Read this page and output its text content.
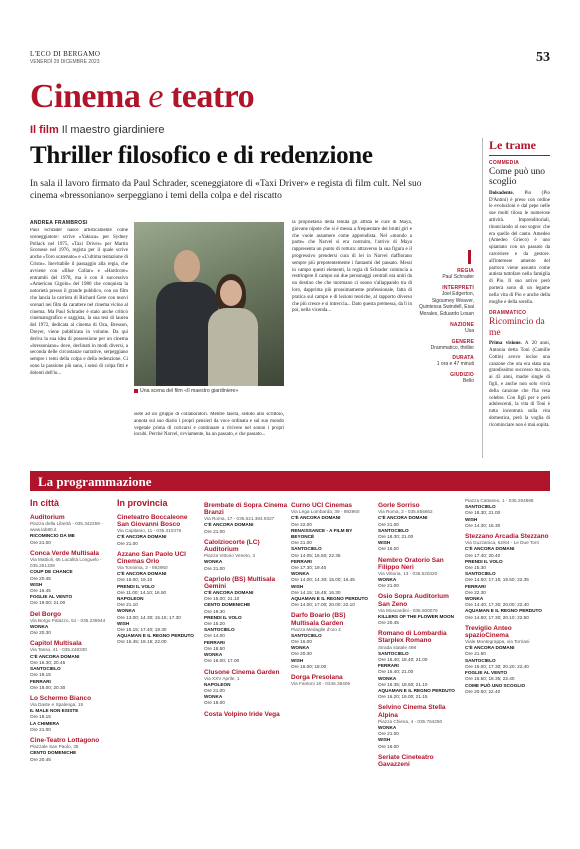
L'ECO DI BERGAMO
VENERDÌ 29 DICEMBRE 2023	53
Cinema e teatro
Il film Il maestro giardiniere
Thriller filosofico e di redenzione

In sala il lavoro firmato da Paul Schrader, sceneggiatore di «Taxi Driver» e regista di film cult. Nel suo cinema «bressoniano» serpeggiano i temi della colpa e del riscatto

ANDREA FRAMBROSI
Paul Schrader nasce artisticamente come sceneggiatore: scrive «Yakuza» per Sydney Pollack nel 1975, «Taxi Driver» per Martin Scorsese nel 1976, regista per il quale scrive anche «Toro scatenato» e «L'ultima tentazione di Cristo». Inevitabile il passaggio alla regia, che avviene con «Blue Collar» e «Hardcore» entrambi del 1978, ma è con il successivo «American Gigolo» del 1980 che conquista la notorietà presso il grande pubblico, con un film che lancia la carriera di Richard Gere con nuovi scenari nei film da carattere nel cinema vicino al cinema. Ma Paul Schrader è stato anche critico cinematografico e saggista, la sua tesi di laurea del 1972, dedicata al cinema di Ozu, Bresson, Dreyer, viene pubblicata in volume. Da qui deriva la sua idea di possessione per un cinema «bressoniano» dove, declinati in modi diversi, a seconda delle circostanze narrative, serpeggiano sempre i temi della colpa e della redenzione. Ci sono la passione più sana, i sensi di colpa fitti e dolenti dell'io...
Una scena del film «Il maestro giardiniere»
siete ad un gruppo di collaboratori. Mentre lasera, seduto allo scrittoio, annota sul suo diario i propri pensieri da voce ordinata e sul suo mondo vegetale prima di coricarsi e continuare a rivivere nel sonno i propri incubi. Perché Narvel, ovviamente, ha un passato, e che passato...
la proprietaria della tenuta gli affida le cure di Maya, giovane nipote che si è messa a frequentare dei brutti giri e che vuole assumere come apprendista. Nel «mondo a parte» che Narvel si era costruito, l'arrivo di Maya rappresenta un punto di rottura: attraverso la sua figura e il progressivo prendersi cura di lei in Narvel riaffiorano sempre più prepotentemente i fantasmi del passato. Messi in campo questi elementi, la regia di Schrader comincia a restringere il campo sui due personaggi centrali ora uniti da un destino che che mormano ci suono s'allappando tra di loro, dapprima più prossimamente professionale, fatta di pratica sul campo e di lezioni teoriche, al rapporto diverso che più cresce e si intreccia... Dato questa premessa, da lì in poi, nella vicenda...
REGIA
Paul Schrader
INTERPRETI
Joel Edgerton, Sigourney Weaver, Quintessa Swindell, Esai Morales, Eduardo Losan
NAZIONE
Usa
GENERE
Drammatico, thriller
DURATA
1 ora e 47 minuti
GIUDIZIO
Bello
Le trame
COMMEDIA
Come può uno scoglio

Dolsadente. Pio (Pio D'Antini) è preso con ordine le evoluzioni e dal pepe nelle sue molti tilosa le numerose attività. Imprenditoriali, rinunciando al suo sogno: che era quello del canto. Amedeo (Amedeo Grieco) è uno spiantato con un passato da carceriere e da gestore. all'interesse amento del parroco viene assunto come autista tuttofare nella famiglia di Pio. Il suo arrivo però porterà sono di un legame nella vita di Pio e anche della moglie e della sorella.

DRAMMATICO
Ricomincio da me

Prima visione. A 20 anni, Antonia detta Toni (Camille Cottin) avevo inciso una canzone che ora era stata una grandissimo successo ma ora, ai 43 anni, madre single di figli, e anche non solo vivrà della canzone che l'ha resa celebre. Con figli per e però adolescenti, la vita di Toni è tutta incentrata sulla vita domestica, però la voglia di ricominciare non è mai sopita.

La programmazione
In città
Auditorium
Piazza della Libertà - 035.342259 - www.lab80.it
RICOMINCIO DA ME
Ore 21.00
Conca Verde Multisala
Via Mattioli, 65 Località Longuelo - 035.251339
COUP DE CHANCE
Ore 20.45
WISH
Ore 16.45
FOGLIE AL VENTO
Ore 19.00; 21.00
Del Borgo
Via Borgo Palazzo, 51 - 035.236944
WONKA
Ore 20.30
Capitol Multisala
Via Tasso, 41 - 035.248330
C'È ANCORA DOMANI
Ore 16.30; 20.45
SANTOCIELO
Ore 18.15
FERRARI
Ore 18.00; 20.30
Lo Schermo Bianco
Via Daste e Spalenga, 15
IL MALE NON ESISTE
Ore 18.15
LA CHIMERA
Ore 21.00
Cine-Teatro Lottagono
Piazzale San Paolo, 35
CENTO DOMENICHE
Ore 20.45
In provincia
Cineteatro Boccaleone San Giovanni Bosco
Via Capitanio, 11 - 035.310376
C'È ANCORA DOMANI
Ore 21.00
Azzano San Paolo UCI Cinemas Orio
Via Tonnima, 2 - 892960
C'È ANCORA DOMANI
Ore 16.00; 19.10
PRENDI IL VOLO
Ore 11.00; 14.10; 16.50
NAPOLEON
Ore 21.10
WONKA
Ore 13.00; 14.30; 15.15; 17.30
WISH
Ore 15.15; 17.40; 19.30
AQUAMAN E IL REGNO PERDUTO
Ore 16.45; 19.15; 22.00
Brembate di Sopra Cinema Branzi
Via Roma, 17 - 035.621.384.9327
C'È ANCORA DOMANI
Ore 21.00
Calolziocorte (LC) Auditorium
Piazza Vittorio Veneto, 3
WONKA
Ore 21.00
Capriolo (BS) Multisala Gemini
C'È ANCORA DOMANI
Ore 15.00; 21.10
CENTO DOMENICHE
Ore 19.30
PRENDI IL VOLO
Ore 15.20
SANTOCIELO
Ore 14.00
FERRARI
Ore 18.50
WONKA
Ore 16.00; 17.00
Clusone Cinema Garden
Via XXV Aprile, 1
NAPOLEON
Ore 21.00
WONKA
Ore 18.00
Costa Volpino Iride Vega
Curno UCI Cinemas
Via Lega Lombarda, 39 - 892960
C'È ANCORA DOMANI
Ore 22.00
RENAISSANCE - A FILM BY BEYONCÉ
Ore 21.00
SANTOCIELO
Ore 14.05; 16.50; 22.35
FERRARI
Ore 17.30; 19.40
WONKA
Ore 14.00; 14.30; 15.00; 16.45
WISH
Ore 14.15; 16.45; 16.30
AQUAMAN E IL REGNO PERDUTO
Ore 14.00; 17.00; 20.00; 22.10
Darfo Boario (BS) Multisala Garden
Piazza Medaglie d'oro 2
SANTOCIELO
Ore 16.00
WONKA
Ore 20.30
WISH
Ore 16.00; 18.00
Dorga Presolana
Via Fantoni 18 - 0346.38406
Gorle Sorriso
Via Roma, 2 - 035.656662
C'È ANCORA DOMANI
Ore 21.00
SANTOCIELO
Ore 18.30; 21.00
WISH
Ore 16.00
Nembro Oratorio San Filippo Neri
Via Vittoria, 13 - 035.520420
WONKA
Ore 21.00
Osio Sopra Auditorium San Zeno
Via Moscardini - 035.500079
KILLERS OF THE FLOWER MOON
Ore 20.45
Romano di Lombardia Starplex Romano
Strada statale 498
SANTOCIELO
Ore 16.40; 18.40; 21.00
FERRARI
Ore 16.40; 21.00
WONKA
Ore 16.35; 18.50; 21.10
AQUAMAN E IL REGNO PERDUTO
Ore 16.20; 19.00; 21.15
Selvino Cinema Stella Alpina
Piazza Chiesa, 4 - 035.764250
WONKA
Ore 21.00
WISH
Ore 16.00
Seriate Cineteatro Gavazzeni
Piazza Cattaneo, 1 - 035.294868
SANTOCIELO
Ore 18.30; 21.00
WISH
Ore 14.30; 16.30
Stezzano Arcadia Stezzano
Via Guzzanica, 62/64 - Le Due Torri
C'È ANCORA DOMANI
Ore 17.40; 20.40
PRENDI IL VOLO
Ore 15.30
SANTOCIELO
Ore 14.50; 17.15; 19.50; 22.35
FERRARI
Ore 22.30
WONKA
Ore 14.40; 17.30; 20.00; 22.40
AQUAMAN E IL REGNO PERDUTO
Ore 14.50; 17.30; 20.10; 22.50
Treviglio Anteo spazioCinema
Viale Montegrappa, via Torriani
C'È ANCORA DOMANI
Ore 21.50
SANTOCIELO
Ore 15.00; 17.30; 20.20; 22.40
FOGLIE AL VENTO
Ore 16.50; 18.35; 22.40
COME PUÒ UNO SCOGLIO
Ore 20.50; 22.40
